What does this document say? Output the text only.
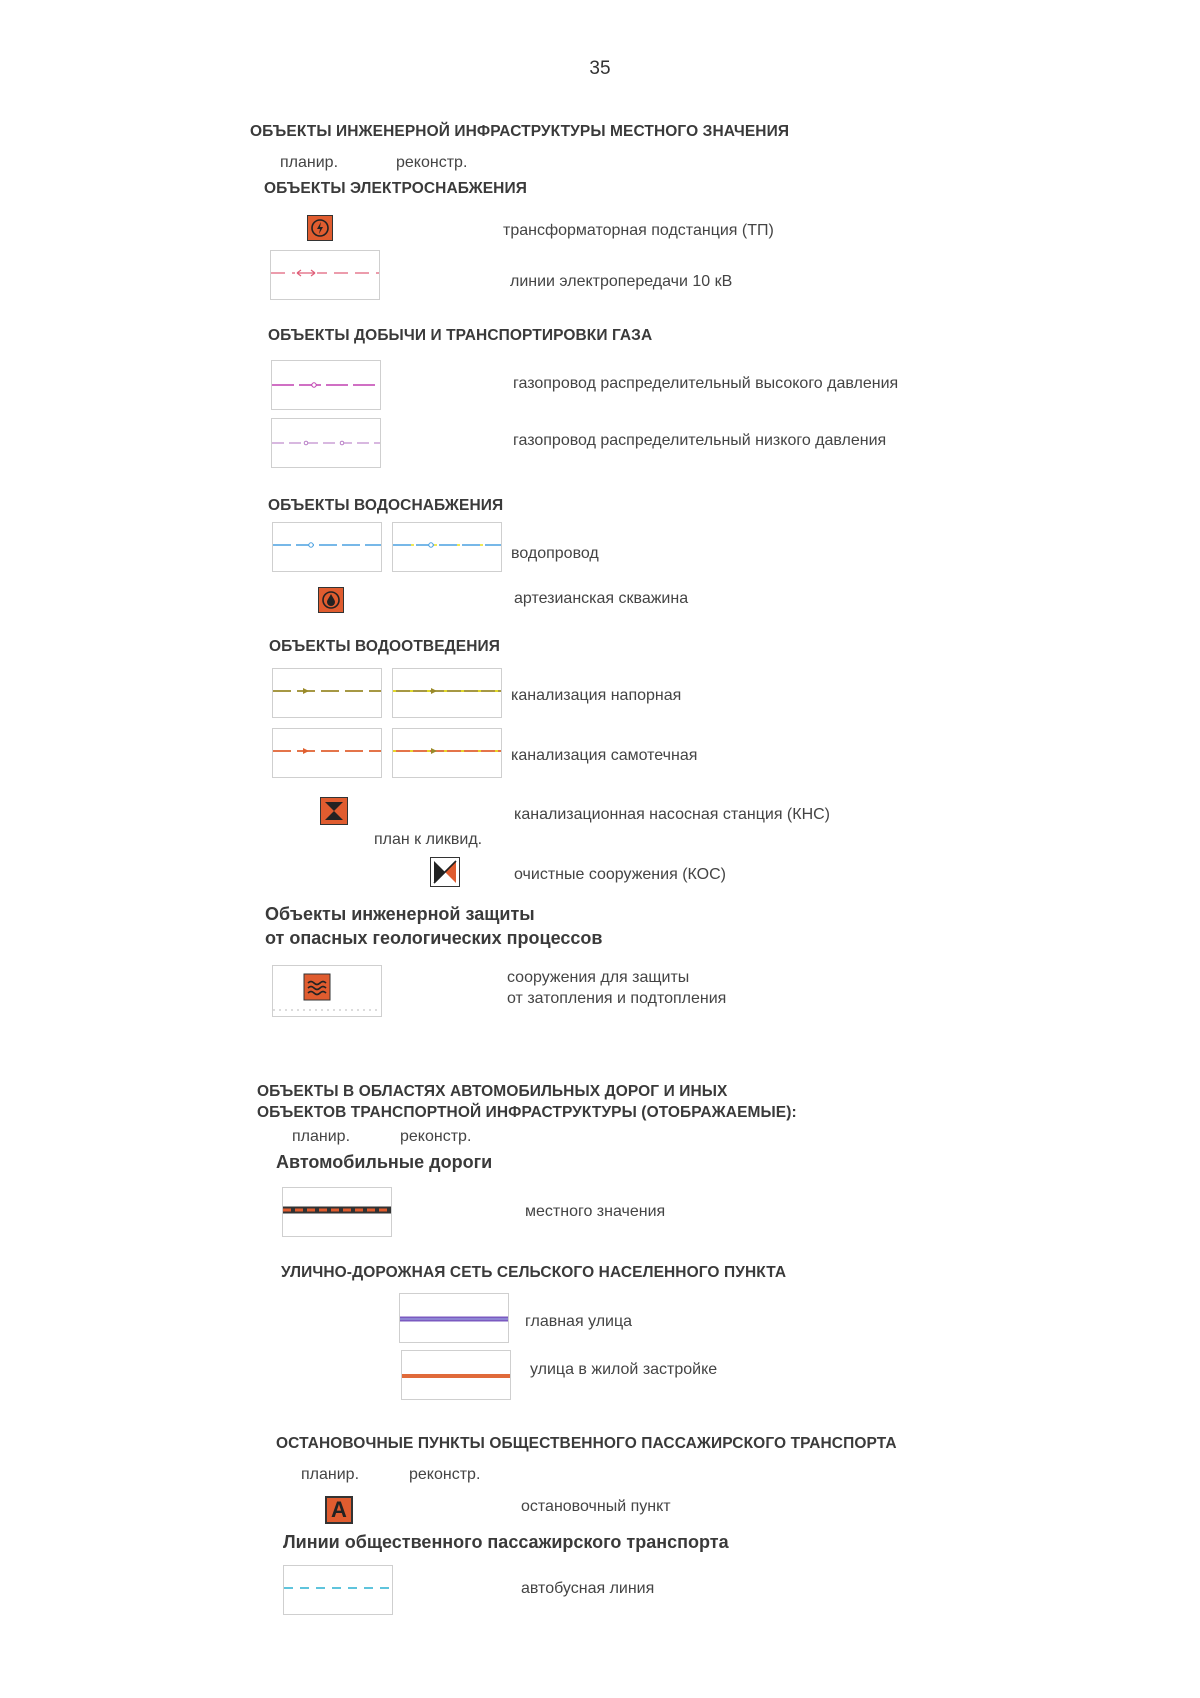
35
ОБЪЕКТЫ ИНЖЕНЕРНОЙ ИНФРАСТРУКТУРЫ МЕСТНОГО ЗНАЧЕНИЯ
планир.	реконстр.
ОБЪЕКТЫ ЭЛЕКТРОСНАБЖЕНИЯ
трансформаторная подстанция (ТП)
линии электропередачи 10 кВ
ОБЪЕКТЫ ДОБЫЧИ И ТРАНСПОРТИРОВКИ ГАЗА
газопровод распределительный высокого давления
газопровод распределительный низкого давления
ОБЪЕКТЫ ВОДОСНАБЖЕНИЯ
водопровод
артезианская скважина
ОБЪЕКТЫ ВОДООТВЕДЕНИЯ
канализация напорная
канализация самотечная
канализационная насосная станция (КНС)
план к ликвид.
очистные сооружения (КОС)
Объекты инженерной защиты
от опасных геологических процессов
сооружения для защиты
от затопления и подтопления
ОБЪЕКТЫ В ОБЛАСТЯХ АВТОМОБИЛЬНЫХ ДОРОГ И ИНЫХ
ОБЪЕКТОВ ТРАНСПОРТНОЙ ИНФРАСТРУКТУРЫ (ОТОБРАЖАЕМЫЕ):
планир.	реконстр.
Автомобильные дороги
местного значения
УЛИЧНО-ДОРОЖНАЯ СЕТЬ СЕЛЬСКОГО НАСЕЛЕННОГО ПУНКТА
главная улица
улица в жилой застройке
ОСТАНОВОЧНЫЕ ПУНКТЫ ОБЩЕСТВЕННОГО ПАССАЖИРСКОГО ТРАНСПОРТА
планир.	реконстр.
А	остановочный пункт
Линии общественного пассажирского транспорта
автобусная линия
